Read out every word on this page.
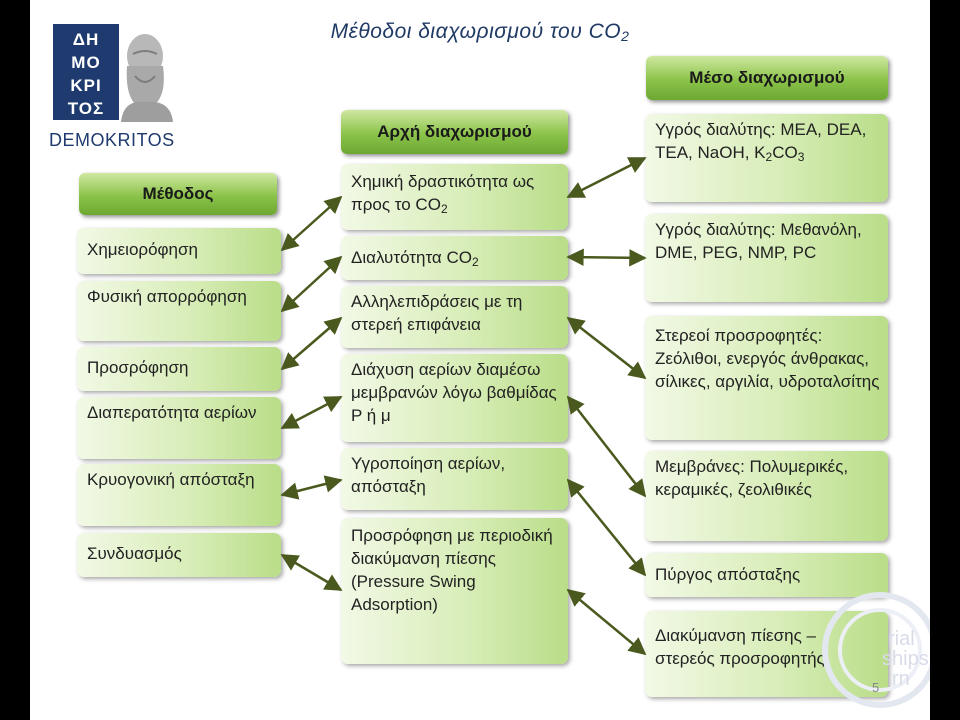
Μέθοδοι διαχωρισμού του $CO_2$
ΔΗ
ΜΟ
ΚΡΙ
ΤΟΣ
DEMOKRITOS
Μέθοδος
Αρχή διαχωρισμού
Μέσο διαχωρισμού
Χημειορόφηση
Φυσική απορρόφηση
Προσρόφηση
Διαπερατότητα αερίων
Κρυογονική απόσταξη
Συνδυασμός
Χημική δραστικότητα ως προς το $CO_2$
Διαλυτότητα $CO_2$
Αλληλεπιδράσεις με τη στερεή επιφάνεια
Διάχυση αερίων διαμέσω μεμβρανών λόγω βαθμίδας P ή μ
Υγροποίηση αερίων, απόσταξη
Προσρόφηση με περιοδική διακύμανση πίεσης (Pressure Swing Adsorption)
Υγρός διαλύτης: MEA, DEA, TEA, NaOH, $K_2CO_3$
Υγρός διαλύτης: Μεθανόλη, DME, PEG, NMP, PC
Στερεοί προσροφητές: Ζεόλιθοι, ενεργός άνθρακας, σίλικες, αργιλία, υδροταλσίτης
Μεμβράνες: Πολυμερικές, κεραμικές, ζεολιθικές
Πύργος απόσταξης
Διακύμανση πίεσης – στερεός προσροφητής
rial
ships
rn
5
